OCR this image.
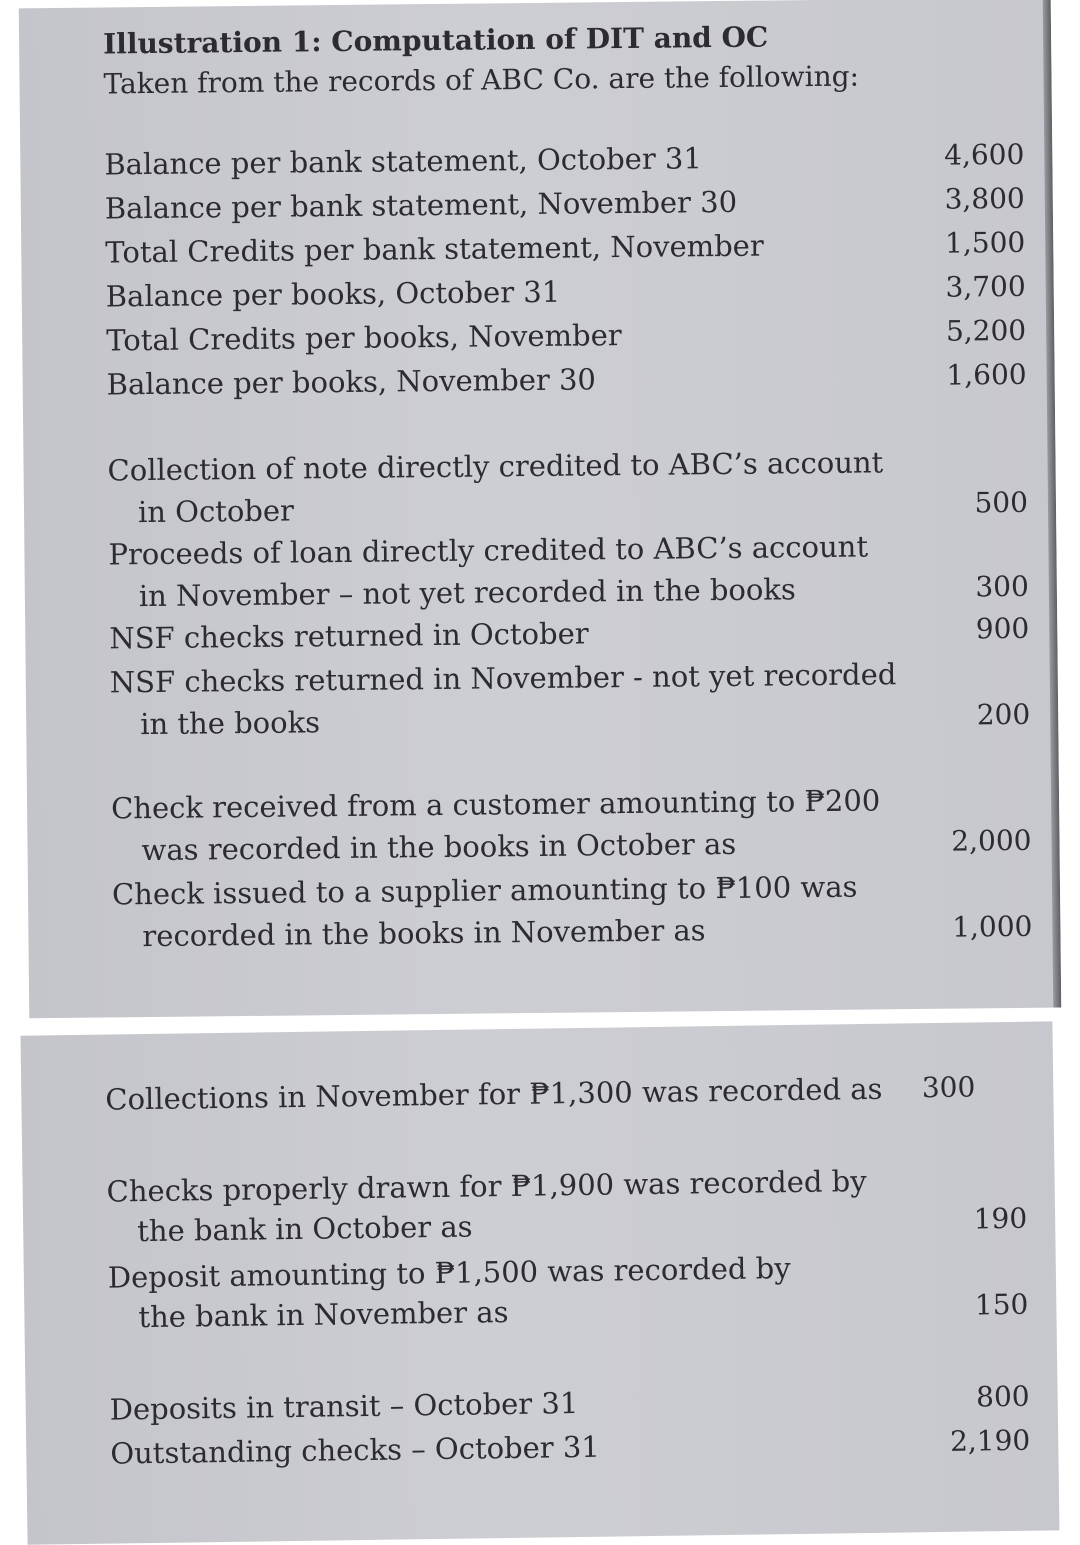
Illustration 1: Computation of DIT and OC
Taken from the records of ABC Co. are the following:
Balance per bank statement, October 31	4,600
Balance per bank statement, November 30	3,800
Total Credits per bank statement, November	1,500
Balance per books, October 31	3,700
Total Credits per books, November	5,200
Balance per books, November 30	1,600
Collection of note directly credited to ABC’s account
in October	500
Proceeds of loan directly credited to ABC’s account
in November – not yet recorded in the books	300
NSF checks returned in October	900
NSF checks returned in November - not yet recorded
in the books	200
Check received from a customer amounting to ₱200
was recorded in the books in October as	2,000
Check issued to a supplier amounting to ₱100 was
recorded in the books in November as	1,000
Collections in November for ₱1,300 was recorded as	300
Checks properly drawn for ₱1,900 was recorded by
the bank in October as	190
Deposit amounting to ₱1,500 was recorded by
the bank in November as	150
Deposits in transit – October 31	800
Outstanding checks – October 31	2,190
